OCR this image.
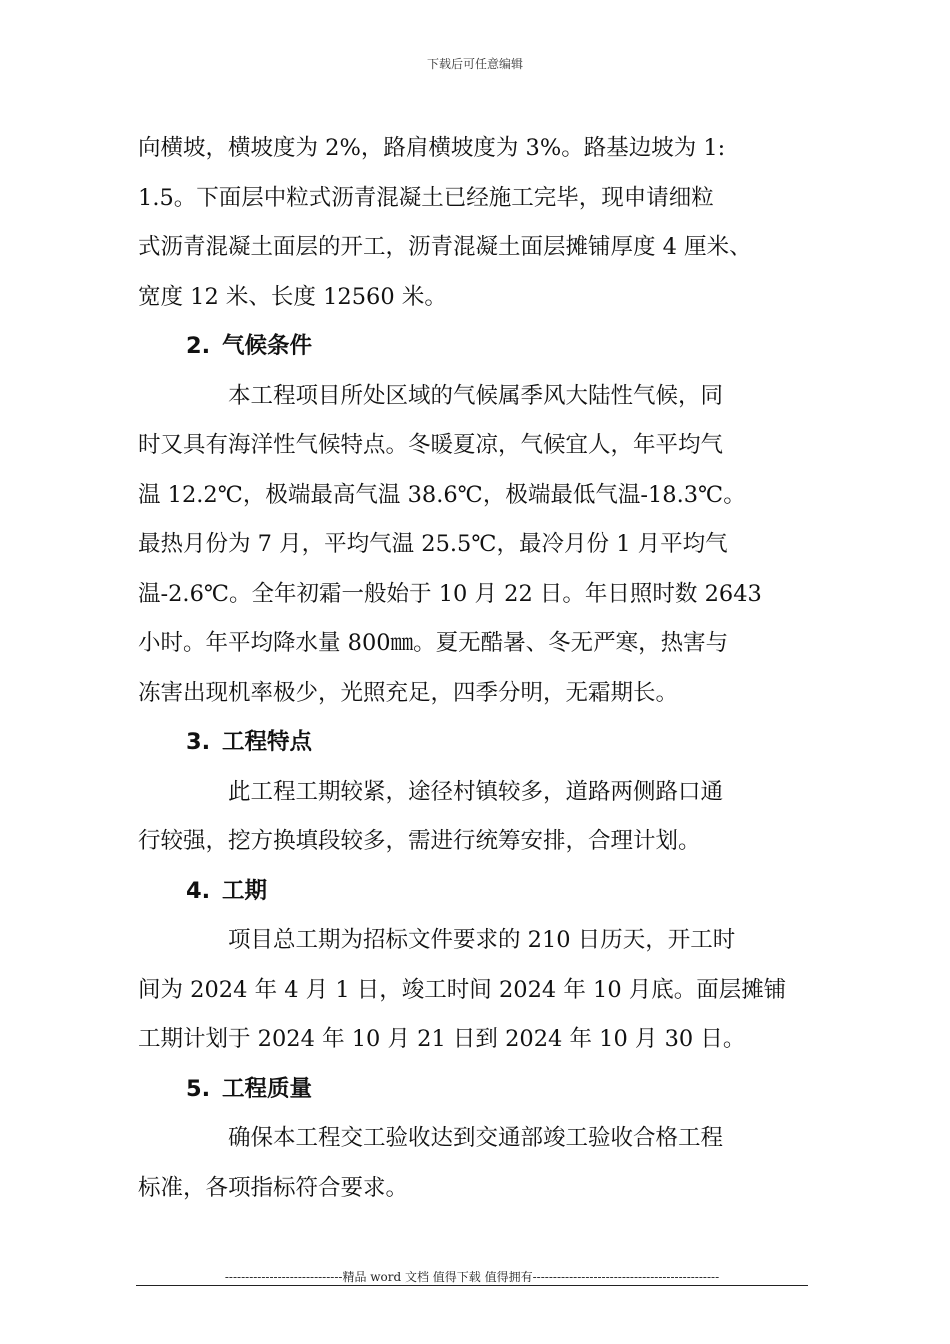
下载后可任意编辑
向横坡，横坡度为 2%，路肩横坡度为 3%。路基边坡为 1:
1.5。下面层中粒式沥青混凝土已经施工完毕，现申请细粒
式沥青混凝土面层的开工，沥青混凝土面层摊铺厚度 4 厘米、
宽度 12 米、长度 12560 米。
2. 气候条件
本工程项目所处区域的气候属季风大陆性气候，同
时又具有海洋性气候特点。冬暖夏凉，气候宜人，年平均气
温 12.2℃，极端最高气温 38.6℃，极端最低气温-18.3℃。
最热月份为 7 月，平均气温 25.5℃，最冷月份 1 月平均气
温-2.6℃。全年初霜一般始于 10 月 22 日。年日照时数 2643
小时。年平均降水量 800㎜。夏无酷暑、冬无严寒，热害与
冻害出现机率极少，光照充足，四季分明，无霜期长。
3. 工程特点
此工程工期较紧，途径村镇较多，道路两侧路口通
行较强，挖方换填段较多，需进行统筹安排，合理计划。
4. 工期
项目总工期为招标文件要求的 210 日历天，开工时
间为 2024 年 4 月 1 日，竣工时间 2024 年 10 月底。面层摊铺
工期计划于 2024 年 10 月 21 日到 2024 年 10 月 30 日。
5. 工程质量
确保本工程交工验收达到交通部竣工验收合格工程
标准，各项指标符合要求。
-----------------------------精品 word 文档 值得下载 值得拥有----------------------------------------------
